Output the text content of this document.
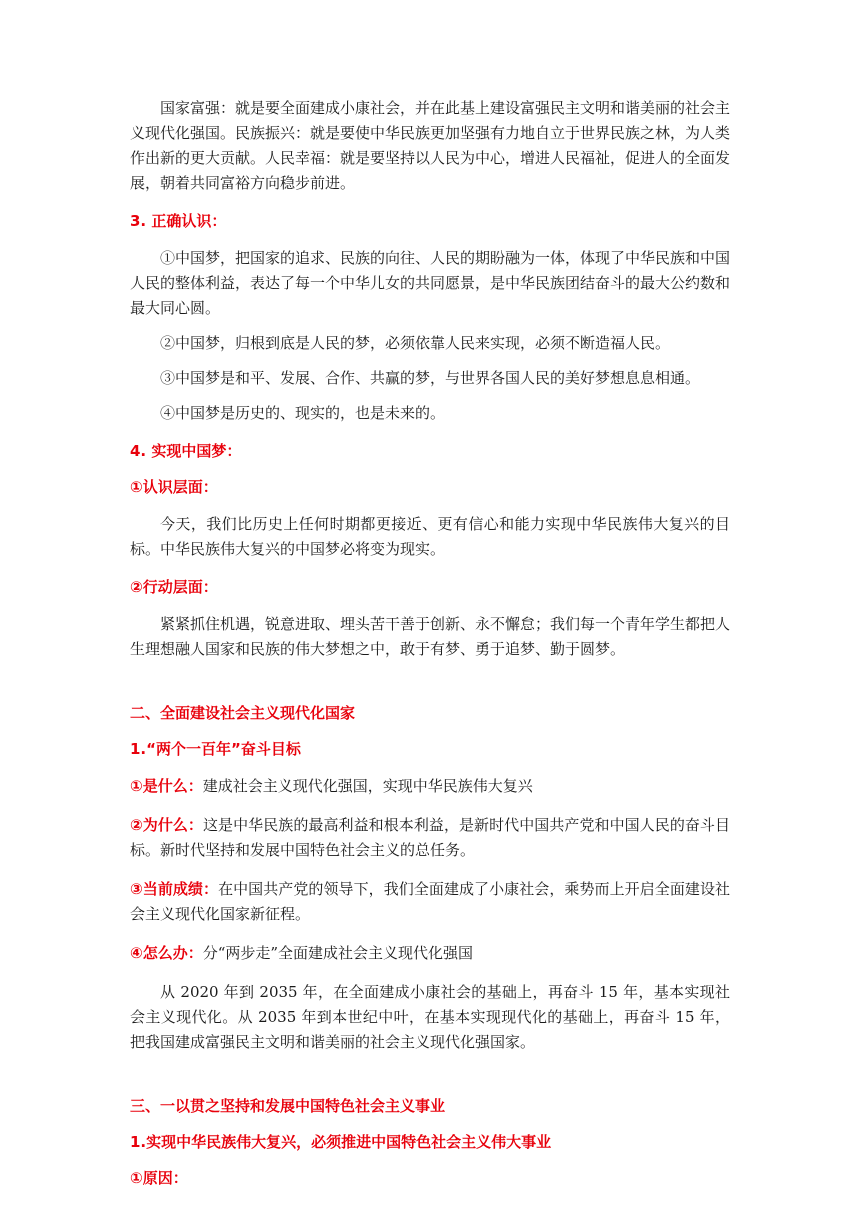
国家富强：就是要全面建成小康社会，并在此基上建设富强民主文明和谐美丽的社会主义现代化强国。民族振兴：就是要使中华民族更加坚强有力地自立于世界民族之林，为人类作出新的更大贡献。人民幸福：就是要坚持以人民为中心，增进人民福祉，促进人的全面发展，朝着共同富裕方向稳步前进。

3. 正确认识：

①中国梦，把国家的追求、民族的向往、人民的期盼融为一体，体现了中华民族和中国人民的整体利益，表达了每一个中华儿女的共同愿景，是中华民族团结奋斗的最大公约数和最大同心圆。

②中国梦，归根到底是人民的梦，必须依靠人民来实现，必须不断造福人民。

③中国梦是和平、发展、合作、共赢的梦，与世界各国人民的美好梦想息息相通。

④中国梦是历史的、现实的，也是未来的。

4. 实现中国梦：

①认识层面：

今天，我们比历史上任何时期都更接近、更有信心和能力实现中华民族伟大复兴的目标。中华民族伟大复兴的中国梦必将变为现实。

②行动层面：

紧紧抓住机遇，锐意进取、埋头苦干善于创新、永不懈怠；我们每一个青年学生都把人生理想融人国家和民族的伟大梦想之中，敢于有梦、勇于追梦、勤于圆梦。

二、全面建设社会主义现代化国家

1.“两个一百年”奋斗目标

①是什么：建成社会主义现代化强国，实现中华民族伟大复兴

②为什么：这是中华民族的最高利益和根本利益，是新时代中国共产党和中国人民的奋斗目标。新时代坚持和发展中国特色社会主义的总任务。

③当前成绩：在中国共产党的领导下，我们全面建成了小康社会，乘势而上开启全面建设社会主义现代化国家新征程。

④怎么办：分“两步走”全面建成社会主义现代化强国

从 2020 年到 2035 年，在全面建成小康社会的基础上，再奋斗 15 年，基本实现社会主义现代化。从 2035 年到本世纪中叶，在基本实现现代化的基础上，再奋斗 15 年，把我国建成富强民主文明和谐美丽的社会主义现代化强国家。

三、一以贯之坚持和发展中国特色社会主义事业

1.实现中华民族伟大复兴，必须推进中国特色社会主义伟大事业

①原因：
